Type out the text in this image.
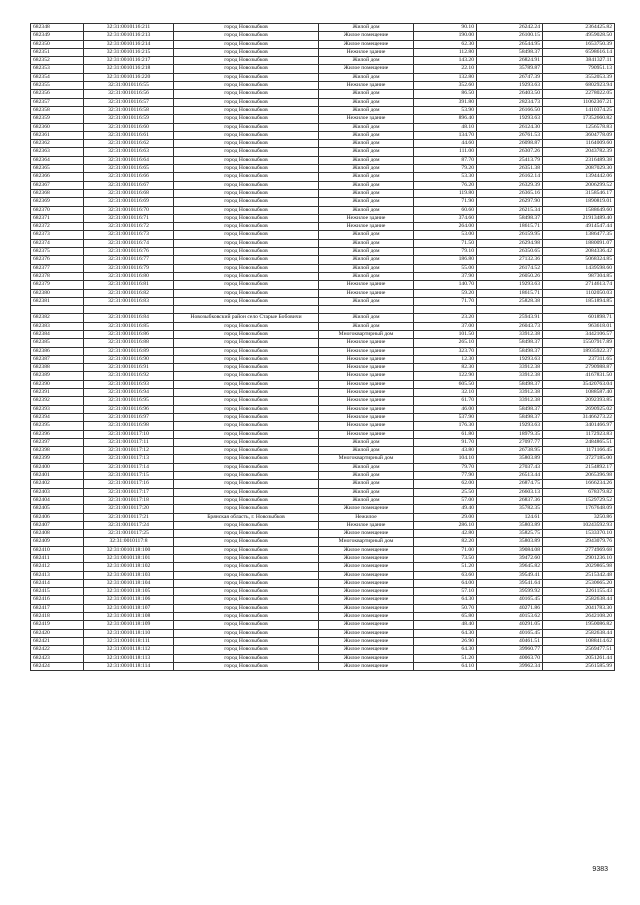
682348	32:31:0010116:211	город Новозыбков	Жилой дом	90.10	26242.24	2364425.82
682349	32:31:0010116:213	город Новозыбков	Жилое помещение	190.00	26100.15	4959028.50
682350	32:31:0010116:214	город Новозыбков	Жилое помещение	62.30	26544.95	1653750.39
682351	32:31:0010116:215	город Новозыбков	Нежилое здание	112.80	58498.37	6598616.14
682352	32:31:0010116:217	город Новозыбков	Жилой дом	143.20	26824.91	3841327.11
682353	32:31:0010116:218	город Новозыбков	Жилое помещение	22.10	35789.87	790951.13
682354	32:31:0010116:220	город Новозыбков	Жилой дом	132.80	26747.39	3552053.39
682355	32:31:0010116:55	город Новозыбков	Нежилое здание	352.60	19293.63	6802923.94
682356	32:31:0010116:56	город Новозыбков	Жилой дом	86.50	26403.50	2278022.05
682357	32:31:0010116:57	город Новозыбков	Жилой дом	391.80	28234.73	11062367.21
682358	32:31:0010116:58	город Новозыбков	Жилой дом	53.90	26166.50	1410374.25
682359	32:31:0010116:59	город Новозыбков	Нежилое здание	896.40	19293.63	17352660.82
682360	32:31:0010116:60	город Новозыбков	Жилой дом	48.10	26124.30	1256578.83
682361	32:31:0010116:61	город Новозыбков	Жилой дом	134.70	26761.53	3604778.09
682362	32:31:0010116:62	город Новозыбков	Жилой дом	44.60	26098.87	1164009.60
682363	32:31:0010116:63	город Новозыбков	Жилой дом	111.00	26307.26	2043782.39
682364	32:31:0010116:64	город Новозыбков	Жилой дом	87.70	25413.79	2316489.38
682365	32:31:0010116:65	город Новозыбков	Жилой дом	79.20	26351.38	2087029.30
682366	32:31:0010116:66	город Новозыбков	Жилой дом	53.30	26162.14	1394442.06
682367	32:31:0010116:67	город Новозыбков	Жилой дом	76.20	26329.39	2006299.52
682368	32:31:0010116:68	город Новозыбков	Жилой дом	119.80	26365.16	3158546.17
682369	32:31:0010116:69	город Новозыбков	Жилой дом	71.90	26297.90	1890819.01
682370	32:31:0010116:70	город Новозыбков	Жилой дом	60.60	26215.34	1588649.60
682371	32:31:0010116:71	город Новозыбков	Нежилое здание	374.60	58498.37	21913489.40
682372	32:31:0010116:72	город Новозыбков	Нежилое здание	264.00	18615.71	4914547.44
682373	32:31:0010116:73	город Новозыбков	Жилой дом	53.00	26159.95	1386477.35
682374	32:31:0010116:74	город Новозыбков	Жилой дом	71.50	26294.98	1880091.07
682375	32:31:0010116:76	город Новозыбков	Жилой дом	79.10	26350.65	2084336.42
682376	32:31:0010116:77	город Новозыбков	Жилой дом	186.80	27132.36	5068324.85
682377	32:31:0010116:79	город Новозыбков	Жилой дом	55.00	26174.52	1439598.60
682378	32:31:0010116:80	город Новозыбков	Жилой дом	37.90	26050.26	987304.85
682379	32:31:0010116:81	город Новозыбков	Нежилое здание	140.70	19293.63	2714613.74
682380	32:31:0010116:82	город Новозыбков	Нежилое здание	59.20	18615.71	1102050.03
682381	32:31:0010116:83	город Новозыбков	Жилой дом	71.70	25828.38	1851894.85

682382	32:31:0010116:84	Новозыбковский район село Старые Бобовичи	Жилой дом	23.20	25943.91	601898.71
682383	32:31:0010116:85	город Новозыбков	Жилой дом	37.00	26043.73	963618.01
682384	32:31:0010116:86	город Новозыбков	Многоквартирный дом	101.50	33912.38	3442106.57
682385	32:31:0010116:88	город Новозыбков	Нежилое здание	265.10	58498.37	15507917.89
682386	32:31:0010116:89	город Новозыбков	Нежилое здание	323.70	58498.37	18935922.37
682387	32:31:0010116:90	город Новозыбков	Нежилое здание	12.30	19293.63	237311.65
682388	32:31:0010116:91	город Новозыбков	Нежилое здание	82.30	33912.38	2790988.87
682389	32:31:0010116:92	город Новозыбков	Нежилое здание	122.90	33912.38	4167831.50
682390	32:31:0010116:93	город Новозыбков	Нежилое здание	605.50	58498.37	35420763.04
682391	32:31:0010116:94	город Новозыбков	Нежилое здание	32.10	33912.38	1088587.40
682392	32:31:0010116:95	город Новозыбков	Нежилое здание	61.70	33912.38	2092393.85
682393	32:31:0010116:96	город Новозыбков	Нежилое здание	46.00	58498.37	2690925.02
682394	32:31:0010116:97	город Новозыбков	Нежилое здание	537.90	58498.37	31466273.22
682395	32:31:0010116:98	город Новозыбков	Нежилое здание	176.30	19293.63	3401466.97
682396	32:31:0010117:10	город Новозыбков	Нежилое здание	61.80	18979.35	1172923.83
682397	32:31:0010117:11	город Новозыбков	Жилой дом	91.70	27097.77	2484865.51
682398	32:31:0010117:12	город Новозыбков	Жилой дом	43.80	26738.95	1171166.45
682399	32:31:0010117:13	город Новозыбков	Многоквартирный дом	104.10	35803.89	3727185.00
682400	32:31:0010117:14	город Новозыбков	Жилой дом	79.70	27037.43	2154892.17
682401	32:31:0010117:15	город Новозыбков	Жилой дом	77.90	26513.44	2065396.98
682402	32:31:0010117:16	город Новозыбков	Жилой дом	62.00	26874.75	1666234.26
682403	32:31:0010117:17	город Новозыбков	Жилой дом	25.50	26603.13	678379.82
682404	32:31:0010117:18	город Новозыбков	Жилой дом	57.00	26837.36	1529729.52
682405	32:31:0010117:20	город Новозыбков	Жилое помещение	49.40	35782.35	1767648.09
682406	32:31:0010117:21	Брянская область, г. Новозыбков	Нежилое	29.00	124.61	3250.86
682407	32:31:0010117:24	город Новозыбков	Нежилое здание	286.10	35803.89	10243592.93
682408	32:31:0010117:25	город Новозыбков	Жилое помещение	42.80	35825.75	1533370.10
682409	32:31:0010117:8	город Новозыбков	Многоквартирный дом	82.20	35803.89	2943079.76
682410	32:31:0010118:100	город Новозыбков	Жилое помещение	71.00	39084.08	2774969.68
682411	32:31:0010118:101	город Новозыбков	Жилое помещение	73.50	39472.60	2901236.10
682412	32:31:0010118:102	город Новозыбков	Жилое помещение	51.20	39645.82	2029865.98
682413	32:31:0010118:103	город Новозыбков	Жилое помещение	63.60	39549.41	2515342.48
682414	32:31:0010118:104	город Новозыбков	Жилое помещение	64.00	39541.64	2530665.20
682415	32:31:0010118:105	город Новозыбков	Жилое помещение	57.10	39599.92	2261155.43
682416	32:31:0010118:106	город Новозыбков	Жилое помещение	64.30	40165.45	2582638.44
682417	32:31:0010118:107	город Новозыбков	Жилое помещение	50.70	40271.86	2041783.30
682418	32:31:0010118:108	город Новозыбков	Жилое помещение	65.80	40153.62	2642108.20
682419	32:31:0010118:109	город Новозыбков	Жилое помещение	48.40	40291.05	1950086.82
682420	32:31:0010118:110	город Новозыбков	Жилое помещение	64.30	40165.45	2582638.44
682421	32:31:0010118:111	город Новозыбков	Жилое помещение	26.90	40461.51	1088414.62
682422	32:31:0010118:112	город Новозыбков	Жилое помещение	64.30	39960.77	2569477.51
682423	32:31:0010118:113	город Новозыбков	Жилое помещение	51.20	40063.70	2051261.44
682424	32:31:0010118:114	город Новозыбков	Жилое помещение	64.10	39962.34	2561585.99
9383
